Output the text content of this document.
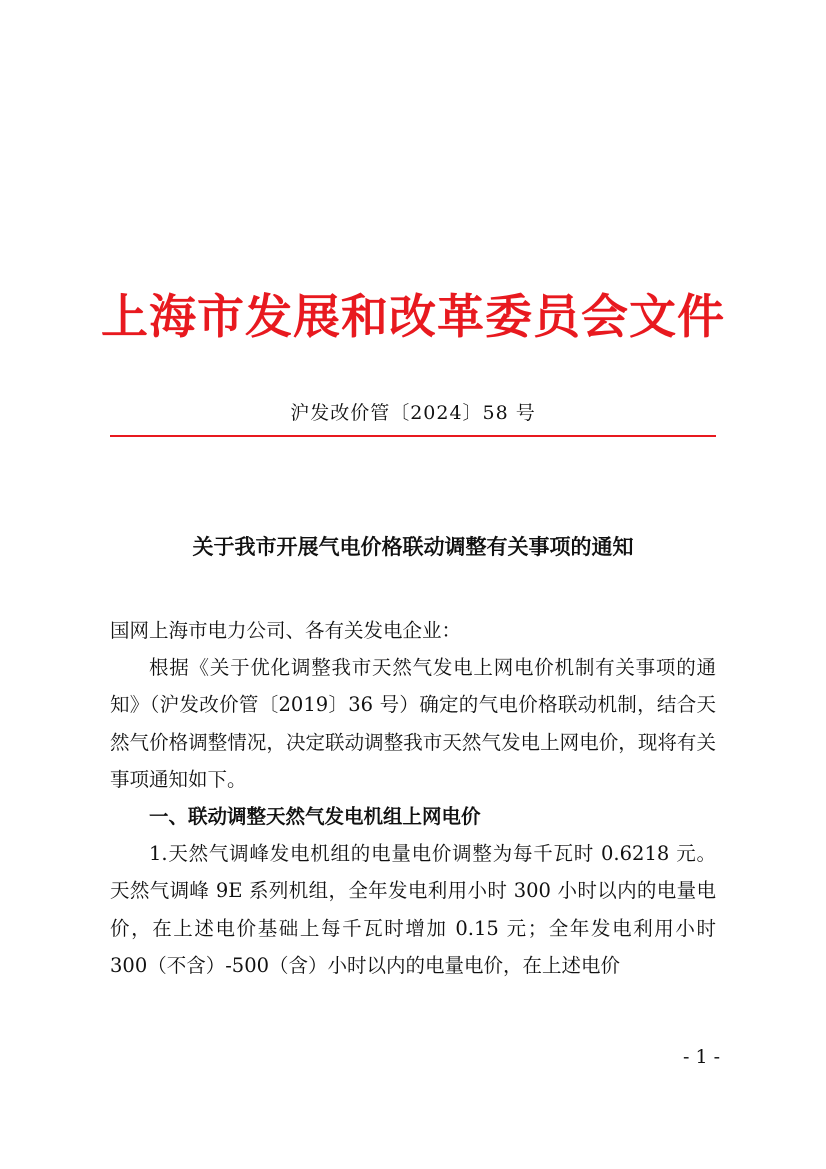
上海市发展和改革委员会文件
沪发改价管〔2024〕58 号
关于我市开展气电价格联动调整有关事项的通知

国网上海市电力公司、各有关发电企业：

根据《关于优化调整我市天然气发电上网电价机制有关事项的通知》（沪发改价管〔2019〕36 号）确定的气电价格联动机制，结合天然气价格调整情况，决定联动调整我市天然气发电上网电价，现将有关事项通知如下。

一、联动调整天然气发电机组上网电价

1.天然气调峰发电机组的电量电价调整为每千瓦时 0.6218 元。天然气调峰 9E 系列机组，全年发电利用小时 300 小时以内的电量电价，在上述电价基础上每千瓦时增加 0.15 元；全年发电利用小时 300（不含）-500（含）小时以内的电量电价，在上述电价

- 1 -
